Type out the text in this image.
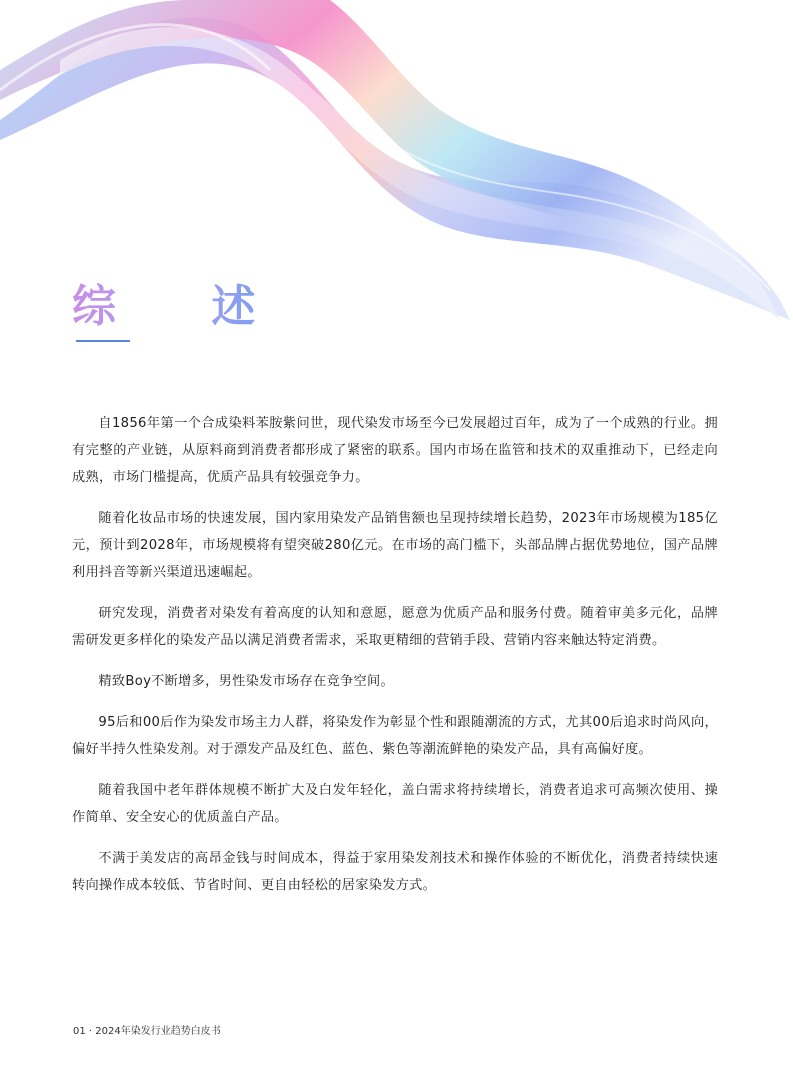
综 述

自1856年第一个合成染料苯胺紫问世，现代染发市场至今已发展超过百年，成为了一个成熟的行业。拥有完整的产业链，从原料商到消费者都形成了紧密的联系。国内市场在监管和技术的双重推动下，已经走向成熟，市场门槛提高，优质产品具有较强竞争力。

随着化妆品市场的快速发展，国内家用染发产品销售额也呈现持续增长趋势，2023年市场规模为185亿元，预计到2028年，市场规模将有望突破280亿元。在市场的高门槛下，头部品牌占据优势地位，国产品牌利用抖音等新兴渠道迅速崛起。

研究发现，消费者对染发有着高度的认知和意愿，愿意为优质产品和服务付费。随着审美多元化，品牌需研发更多样化的染发产品以满足消费者需求，采取更精细的营销手段、营销内容来触达特定消费。

精致Boy不断增多，男性染发市场存在竞争空间。

95后和00后作为染发市场主力人群，将染发作为彰显个性和跟随潮流的方式，尤其00后追求时尚风向，偏好半持久性染发剂。对于漂发产品及红色、蓝色、紫色等潮流鲜艳的染发产品，具有高偏好度。

随着我国中老年群体规模不断扩大及白发年轻化，盖白需求将持续增长，消费者追求可高频次使用、操作简单、安全安心的优质盖白产品。

不满于美发店的高昂金钱与时间成本，得益于家用染发剂技术和操作体验的不断优化，消费者持续快速转向操作成本较低、节省时间、更自由轻松的居家染发方式。

01 · 2024年染发行业趋势白皮书
